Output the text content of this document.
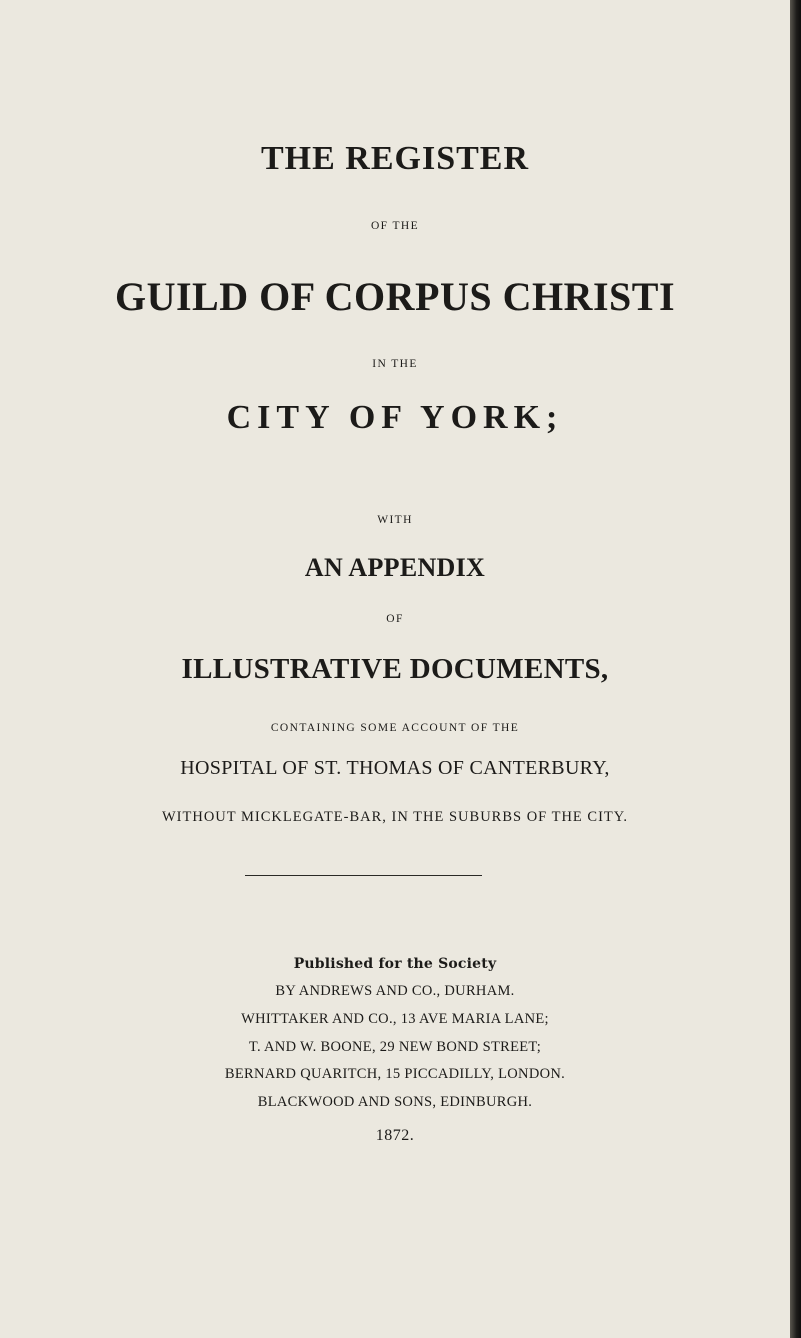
THE REGISTER
OF THE
GUILD OF CORPUS CHRISTI
IN THE
CITY OF YORK;
WITH
AN APPENDIX
OF
ILLUSTRATIVE DOCUMENTS,
CONTAINING SOME ACCOUNT OF THE
HOSPITAL OF ST. THOMAS OF CANTERBURY,
WITHOUT MICKLEGATE-BAR, IN THE SUBURBS OF THE CITY.
Published for the Society
BY ANDREWS AND CO., DURHAM.
WHITTAKER AND CO., 13 AVE MARIA LANE;
T. AND W. BOONE, 29 NEW BOND STREET;
BERNARD QUARITCH, 15 PICCADILLY, LONDON.
BLACKWOOD AND SONS, EDINBURGH.
1872.
